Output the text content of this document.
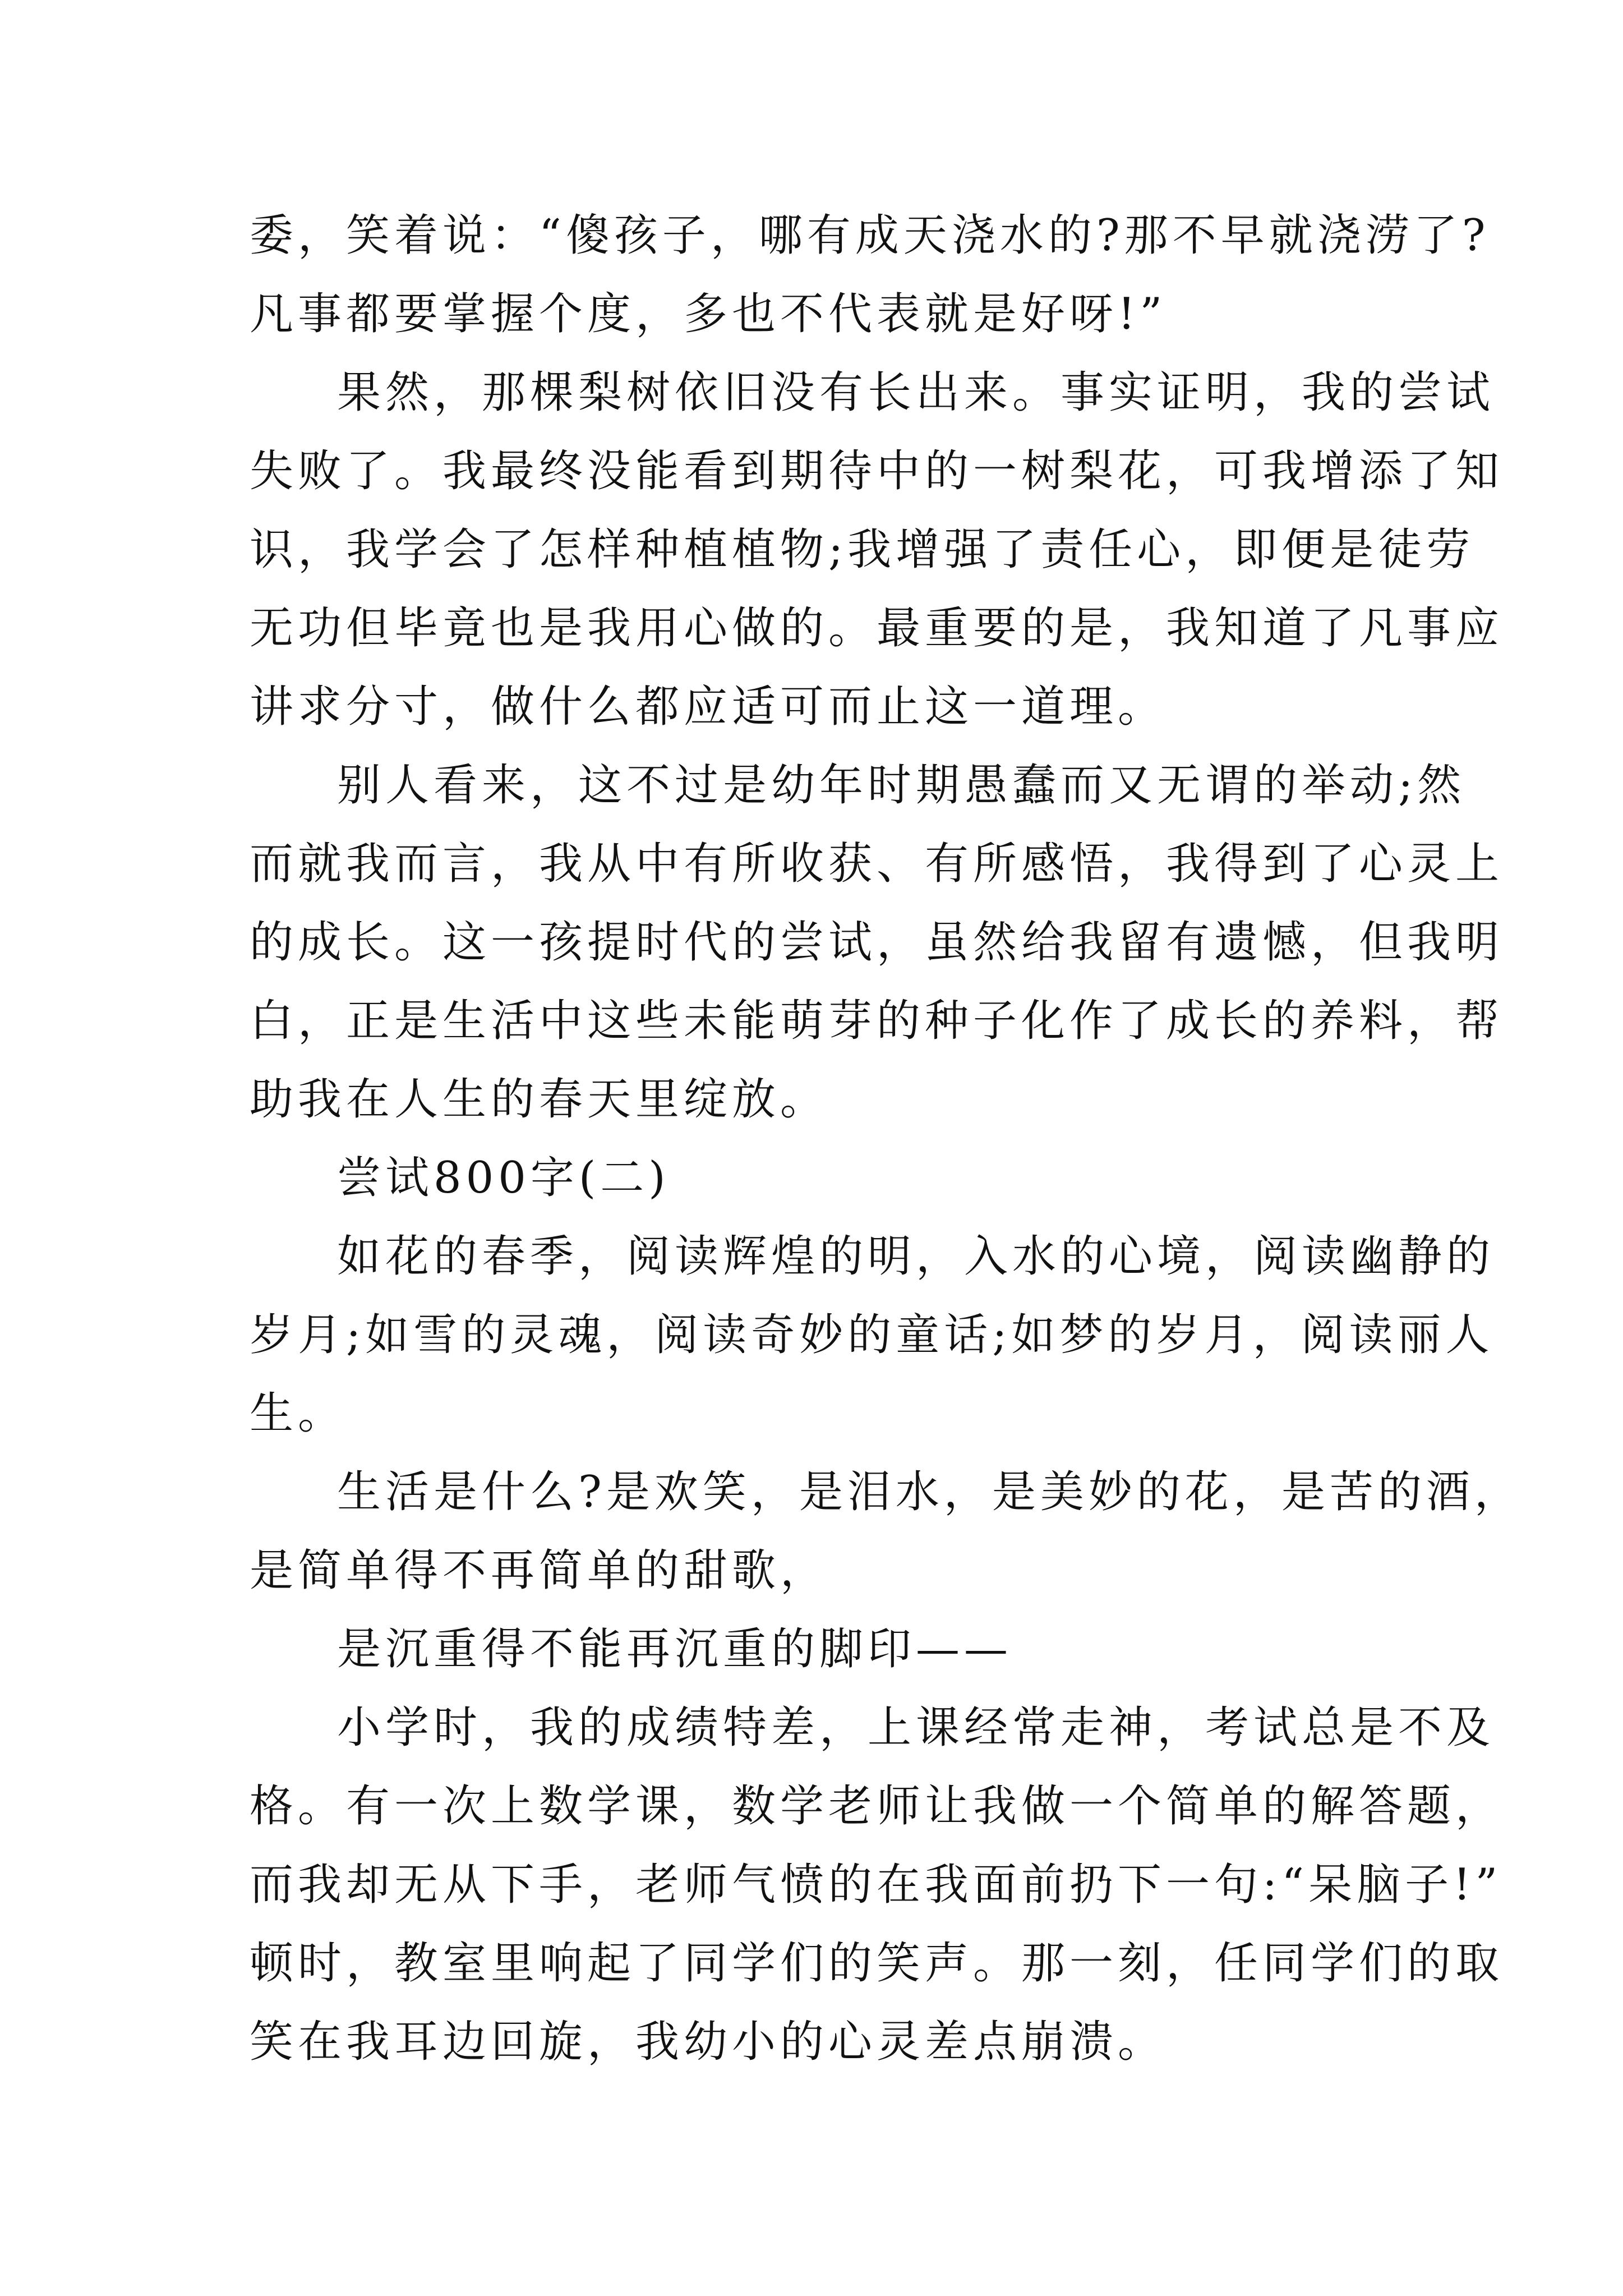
委，笑着说：“傻孩子，哪有成天浇水的?那不早就浇涝了?
凡事都要掌握个度，多也不代表就是好呀!”
果然，那棵梨树依旧没有长出来。事实证明，我的尝试
失败了。我最终没能看到期待中的一树梨花，可我增添了知
识，我学会了怎样种植植物;我增强了责任心，即便是徒劳
无功但毕竟也是我用心做的。最重要的是，我知道了凡事应
讲求分寸，做什么都应适可而止这一道理。
别人看来，这不过是幼年时期愚蠢而又无谓的举动;然
而就我而言，我从中有所收获、有所感悟，我得到了心灵上
的成长。这一孩提时代的尝试，虽然给我留有遗憾，但我明
白，正是生活中这些未能萌芽的种子化作了成长的养料，帮
助我在人生的春天里绽放。
尝试800字(二)
如花的春季，阅读辉煌的明，入水的心境，阅读幽静的
岁月;如雪的灵魂，阅读奇妙的童话;如梦的岁月，阅读丽人
生。
生活是什么?是欢笑，是泪水，是美妙的花，是苦的酒，
是简单得不再简单的甜歌，
是沉重得不能再沉重的脚印——
小学时，我的成绩特差，上课经常走神，考试总是不及
格。有一次上数学课，数学老师让我做一个简单的解答题，
而我却无从下手，老师气愤的在我面前扔下一句:“呆脑子!”
顿时，教室里响起了同学们的笑声。那一刻，任同学们的取
笑在我耳边回旋，我幼小的心灵差点崩溃。
